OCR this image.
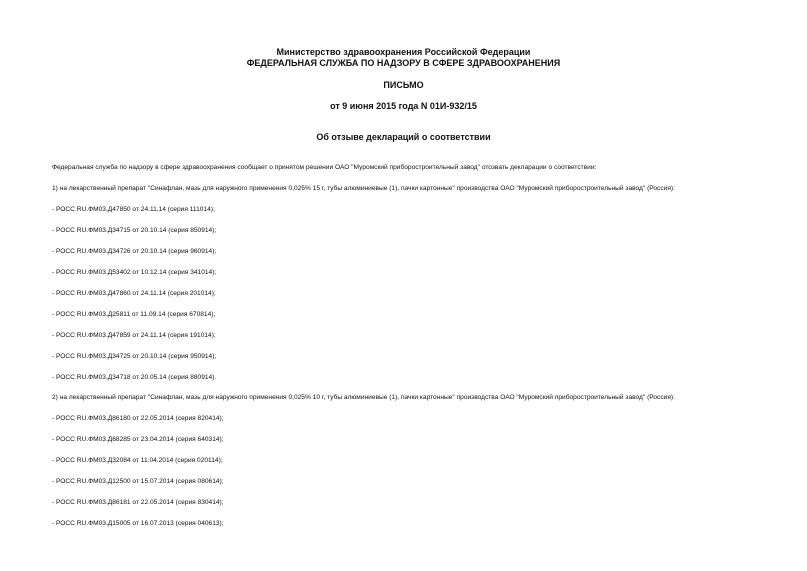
Министерство здравоохранения Российской Федерации
ФЕДЕРАЛЬНАЯ СЛУЖБА ПО НАДЗОРУ В СФЕРЕ ЗДРАВООХРАНЕНИЯ
ПИСЬМО
от 9 июня 2015 года N 01И-932/15
Об отзыве деклараций о соответствии
Федеральная служба по надзору в сфере здравоохранения сообщает о принятом решении ОАО "Муромский приборостроительный завод" отозвать декларации о соответствии:
1) на лекарственный препарат "Синафлан, мазь для наружного применения 0,025% 15 г, тубы алюминиевые (1), пачки картонные" производства ОАО "Муромский приборостроительный завод" (Россия):
- РОСС RU.ФМ03.Д47850 от 24.11.14 (серия 111014);
- РОСС RU.ФМ03.Д34715 от 20.10.14 (серия 850914);
- РОСС RU.ФМ03.Д34726 от 20.10.14 (серия 960914);
- РОСС RU.ФМ03.Д53402 от 10.12.14 (серия 341014);
- РОСС RU.ФМ03.Д47860 от 24.11.14 (серия 201014);
- РОСС RU.ФМ03.Д25811 от 11.09.14 (серия 670814);
- РОСС RU.ФМ03.Д47859 от 24.11.14 (серия 191014);
- РОСС RU.ФМ03.Д34725 от 20.10.14 (серия 950914);
- РОСС RU.ФМ03.Д34718 от 20.05.14 (серия 880914).
2) на лекарственный препарат "Синафлан, мазь для наружного применения 0,025% 10 г, тубы алюминиевые (1), пачки картонные" производства ОАО "Муромский приборостроительный завод" (Россия):
- РОСС RU.ФМ03.Д86180 от 22.05.2014 (серия 820414);
- РОСС RU.ФМ03.Д68285 от 23.04.2014 (серия 640314);
- РОСС RU.ФМ03.Д32084 от 11.04.2014 (серия 020114);
- РОСС RU.ФМ03.Д12500 от 15.07.2014 (серия 080614);
- РОСС RU.ФМ03.Д86181 от 22.05.2014 (серия 830414);
- РОСС RU.ФМ03.Д15005 от 16.07.2013 (серия 040613);
